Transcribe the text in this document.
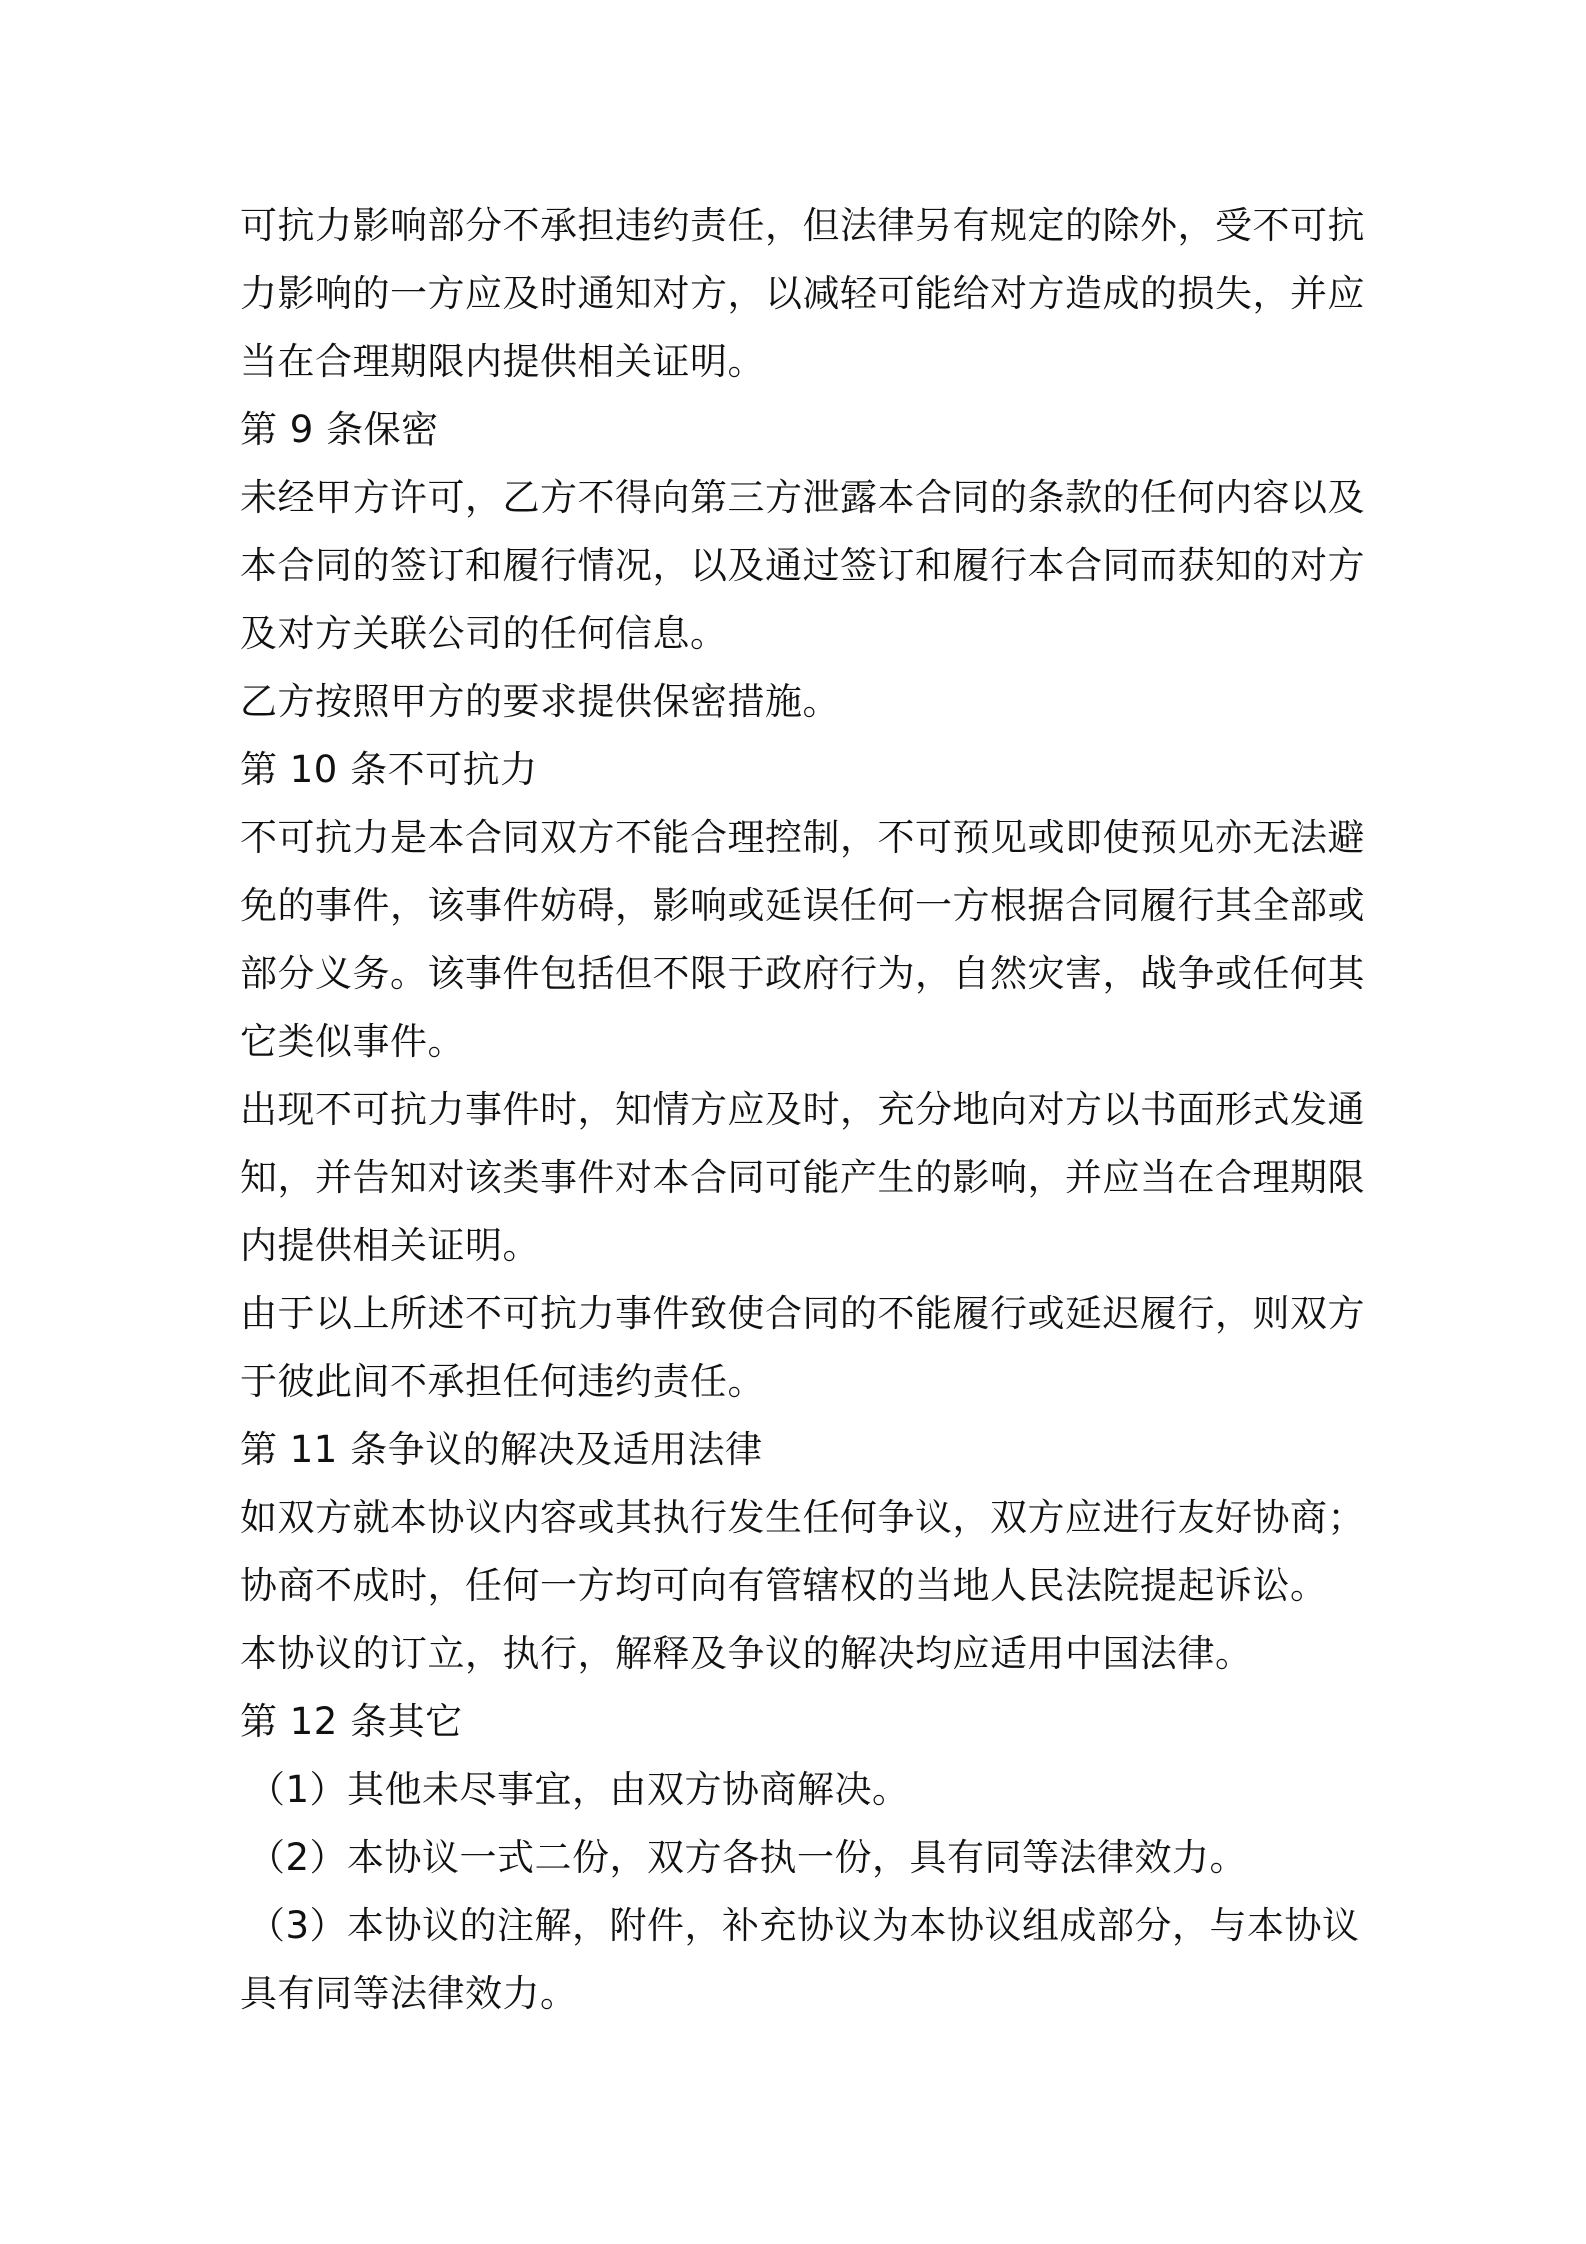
可抗力影响部分不承担违约责任，但法律另有规定的除外，受不可抗
力影响的一方应及时通知对方，以减轻可能给对方造成的损失，并应
当在合理期限内提供相关证明。
第 9 条保密
未经甲方许可，乙方不得向第三方泄露本合同的条款的任何内容以及
本合同的签订和履行情况，以及通过签订和履行本合同而获知的对方
及对方关联公司的任何信息。
乙方按照甲方的要求提供保密措施。
第 10 条不可抗力
不可抗力是本合同双方不能合理控制，不可预见或即使预见亦无法避
免的事件，该事件妨碍，影响或延误任何一方根据合同履行其全部或
部分义务。该事件包括但不限于政府行为，自然灾害，战争或任何其
它类似事件。
出现不可抗力事件时，知情方应及时，充分地向对方以书面形式发通
知，并告知对该类事件对本合同可能产生的影响，并应当在合理期限
内提供相关证明。
由于以上所述不可抗力事件致使合同的不能履行或延迟履行，则双方
于彼此间不承担任何违约责任。
第 11 条争议的解决及适用法律
如双方就本协议内容或其执行发生任何争议，双方应进行友好协商；
协商不成时，任何一方均可向有管辖权的当地人民法院提起诉讼。
本协议的订立，执行，解释及争议的解决均应适用中国法律。
第 12 条其它
（1）其他未尽事宜，由双方协商解决。
（2）本协议一式二份，双方各执一份，具有同等法律效力。
（3）本协议的注解，附件，补充协议为本协议组成部分，与本协议
具有同等法律效力。
